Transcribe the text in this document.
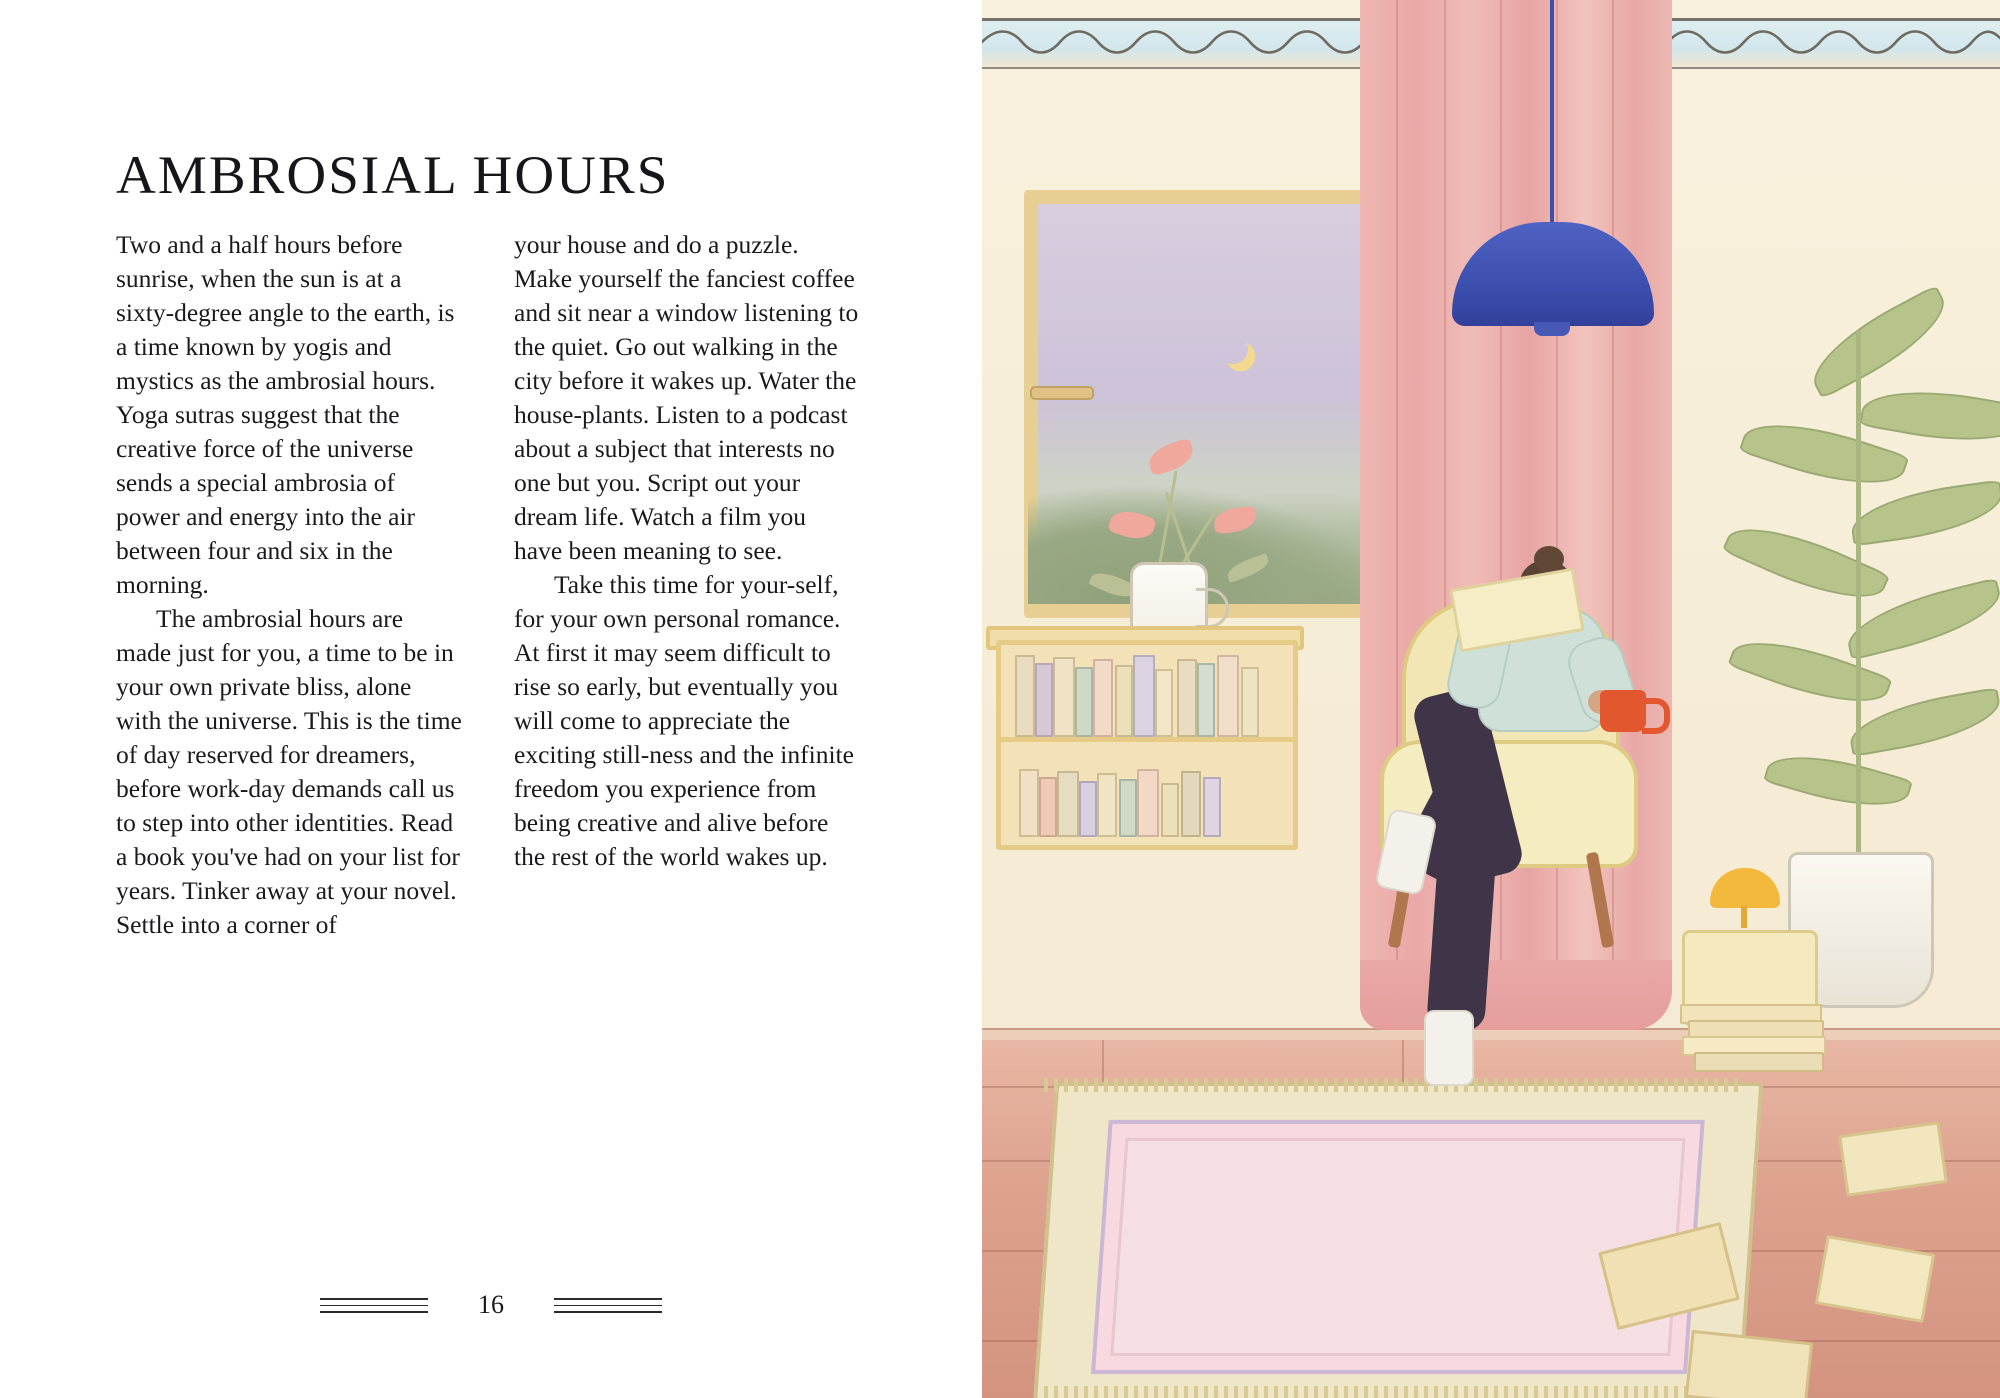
AMBROSIAL HOURS

Two and a half hours before sunrise, when the sun is at a sixty-degree angle to the earth, is a time known by yogis and mystics as the ambrosial hours. Yoga sutras suggest that the creative force of the universe sends a special ambrosia of power and energy into the air between four and six in the morning.

The ambrosial hours are made just for you, a time to be in your own private bliss, alone with the universe. This is the time of day reserved for dreamers, before work-day demands call us to step into other identities. Read a book you've had on your list for years. Tinker away at your novel. Settle into a corner of

your house and do a puzzle. Make yourself the fanciest coffee and sit near a window listening to the quiet. Go out walking in the city before it wakes up. Water the house-plants. Listen to a podcast about a subject that interests no one but you. Script out your dream life. Watch a film you have been meaning to see.

Take this time for your-self, for your own personal romance. At first it may seem difficult to rise so early, but eventually you will come to appreciate the exciting still-ness and the infinite freedom you experience from being creative and alive before the rest of the world wakes up.

16
